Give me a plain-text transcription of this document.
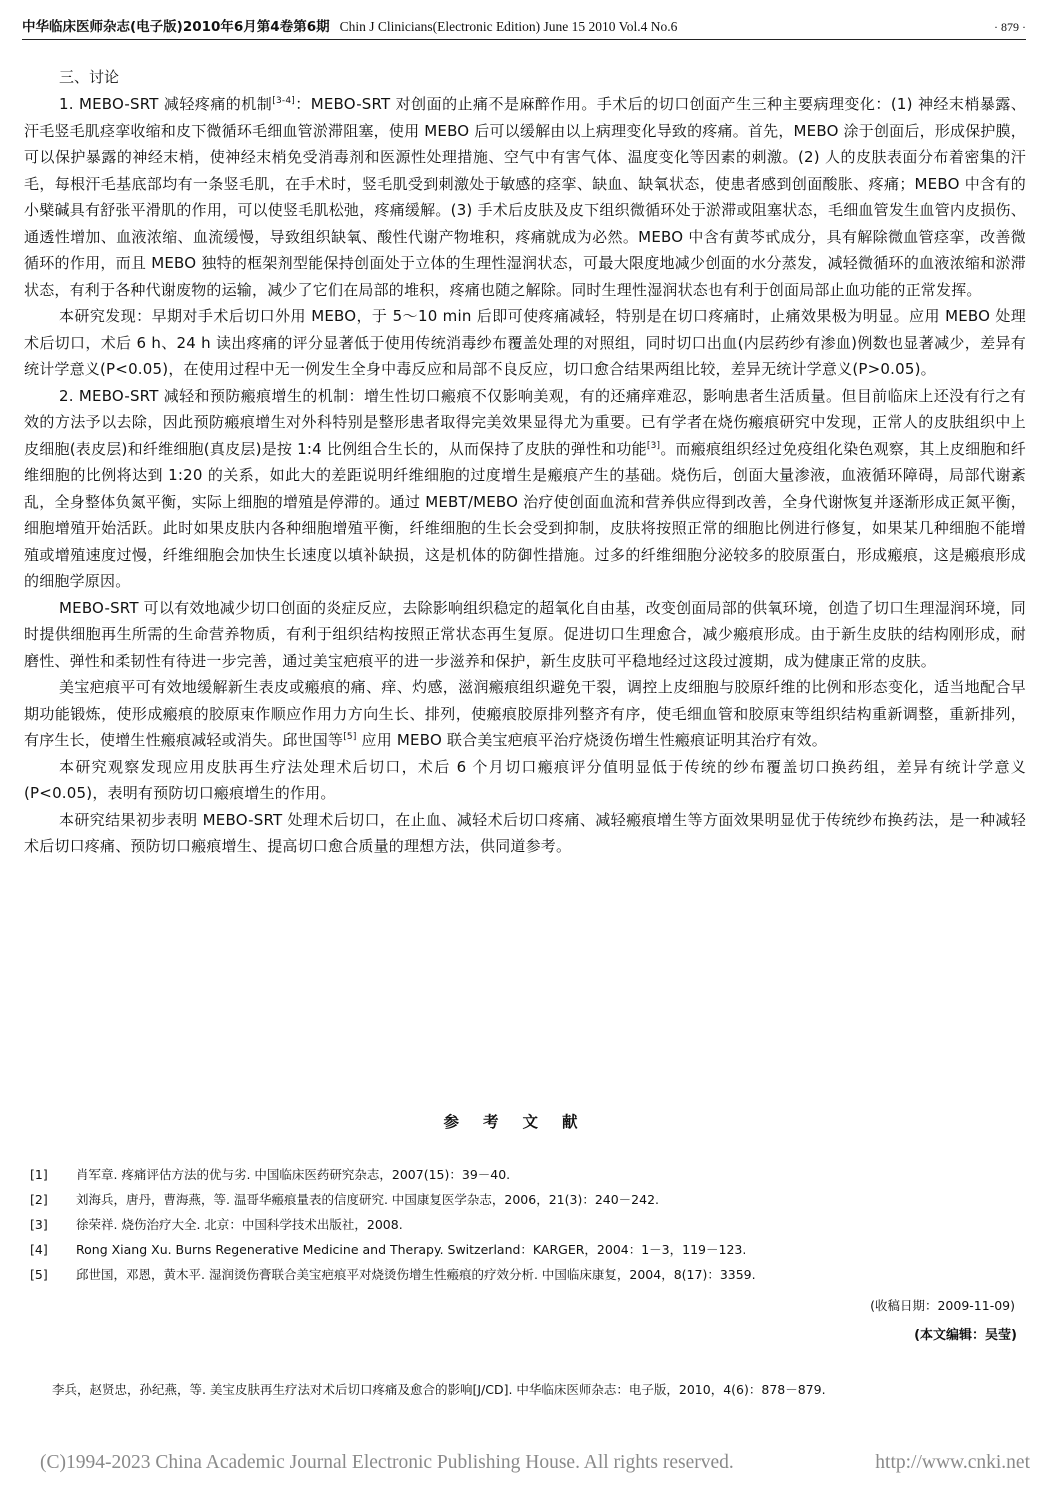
中华临床医师杂志(电子版)2010年6月第4卷第6期 Chin J Clinicians(Electronic Edition) June 15 2010 Vol.4 No.6	· 879 ·
三、讨论

1. MEBO-SRT 减轻疼痛的机制[3-4]：MEBO-SRT 对创面的止痛不是麻醉作用。手术后的切口创面产生三种主要病理变化：(1) 神经末梢暴露、汗毛竖毛肌痉挛收缩和皮下微循环毛细血管淤滞阻塞，使用 MEBO 后可以缓解由以上病理变化导致的疼痛。首先，MEBO 涂于创面后，形成保护膜，可以保护暴露的神经末梢，使神经末梢免受消毒剂和医源性处理措施、空气中有害气体、温度变化等因素的刺激。(2) 人的皮肤表面分布着密集的汗毛，每根汗毛基底部均有一条竖毛肌，在手术时，竖毛肌受到刺激处于敏感的痉挛、缺血、缺氧状态，使患者感到创面酸胀、疼痛；MEBO 中含有的小檗碱具有舒张平滑肌的作用，可以使竖毛肌松弛，疼痛缓解。(3) 手术后皮肤及皮下组织微循环处于淤滞或阻塞状态，毛细血管发生血管内皮损伤、通透性增加、血液浓缩、血流缓慢，导致组织缺氧、酸性代谢产物堆积，疼痛就成为必然。MEBO 中含有黄芩甙成分，具有解除微血管痉挛，改善微循环的作用，而且 MEBO 独特的框架剂型能保持创面处于立体的生理性湿润状态，可最大限度地减少创面的水分蒸发，减轻微循环的血液浓缩和淤滞状态，有利于各种代谢废物的运输，减少了它们在局部的堆积，疼痛也随之解除。同时生理性湿润状态也有利于创面局部止血功能的正常发挥。

本研究发现：早期对手术后切口外用 MEBO，于 5～10 min 后即可使疼痛减轻，特别是在切口疼痛时，止痛效果极为明显。应用 MEBO 处理术后切口，术后 6 h、24 h 读出疼痛的评分显著低于使用传统消毒纱布覆盖处理的对照组，同时切口出血(内层药纱有渗血)例数也显著减少，差异有统计学意义(P<0.05)，在使用过程中无一例发生全身中毒反应和局部不良反应，切口愈合结果两组比较，差异无统计学意义(P>0.05)。

2. MEBO-SRT 减轻和预防瘢痕增生的机制：增生性切口瘢痕不仅影响美观，有的还痛痒难忍，影响患者生活质量。但目前临床上还没有行之有效的方法予以去除，因此预防瘢痕增生对外科特别是整形患者取得完美效果显得尤为重要。已有学者在烧伤瘢痕研究中发现，正常人的皮肤组织中上皮细胞(表皮层)和纤维细胞(真皮层)是按 1:4 比例组合生长的，从而保持了皮肤的弹性和功能[3]。而瘢痕组织经过免疫组化染色观察，其上皮细胞和纤维细胞的比例将达到 1:20 的关系，如此大的差距说明纤维细胞的过度增生是瘢痕产生的基础。烧伤后，创面大量渗液，血液循环障碍，局部代谢紊乱，全身整体负氮平衡，实际上细胞的增殖是停滞的。通过 MEBT/MEBO 治疗使创面血流和营养供应得到改善，全身代谢恢复并逐渐形成正氮平衡，细胞增殖开始活跃。此时如果皮肤内各种细胞增殖平衡，纤维细胞的生长会受到抑制，皮肤将按照正常的细胞比例进行修复，如果某几种细胞不能增殖或增殖速度过慢，纤维细胞会加快生长速度以填补缺损，这是机体的防御性措施。过多的纤维细胞分泌较多的胶原蛋白，形成瘢痕，这是瘢痕形成的细胞学原因。

MEBO-SRT 可以有效地减少切口创面的炎症反应，去除影响组织稳定的超氧化自由基，改变创面局部的供氧环境，创造了切口生理湿润环境，同时提供细胞再生所需的生命营养物质，有利于组织结构按照正常状态再生复原。促进切口生理愈合，减少瘢痕形成。由于新生皮肤的结构刚形成，耐磨性、弹性和柔韧性有待进一步完善，通过美宝疤痕平的进一步滋养和保护，新生皮肤可平稳地经过这段过渡期，成为健康正常的皮肤。

美宝疤痕平可有效地缓解新生表皮或瘢痕的痛、痒、灼感，滋润瘢痕组织避免干裂，调控上皮细胞与胶原纤维的比例和形态变化，适当地配合早期功能锻炼，使形成瘢痕的胶原束作顺应作用力方向生长、排列，使瘢痕胶原排列整齐有序，使毛细血管和胶原束等组织结构重新调整，重新排列，有序生长，使增生性瘢痕减轻或消失。邱世国等[5] 应用 MEBO 联合美宝疤痕平治疗烧烫伤增生性瘢痕证明其治疗有效。

本研究观察发现应用皮肤再生疗法处理术后切口，术后 6 个月切口瘢痕评分值明显低于传统的纱布覆盖切口换药组，差异有统计学意义(P<0.05)，表明有预防切口瘢痕增生的作用。

本研究结果初步表明 MEBO-SRT 处理术后切口，在止血、减轻术后切口疼痛、减轻瘢痕增生等方面效果明显优于传统纱布换药法，是一种减轻术后切口疼痛、预防切口瘢痕增生、提高切口愈合质量的理想方法，供同道参考。

参考文献
[1]	肖军章. 疼痛评估方法的优与劣. 中国临床医药研究杂志，2007(15)：39－40.
[2]	刘海兵，唐丹，曹海燕，等. 温哥华瘢痕量表的信度研究. 中国康复医学杂志，2006，21(3)：240－242.
[3]	徐荣祥. 烧伤治疗大全. 北京：中国科学技术出版社，2008.
[4]	Rong Xiang Xu. Burns Regenerative Medicine and Therapy. Switzerland：KARGER，2004：1－3，119－123.
[5]	邱世国，邓恩，黄木平. 湿润烫伤膏联合美宝疤痕平对烧烫伤增生性瘢痕的疗效分析. 中国临床康复，2004，8(17)：3359.
(收稿日期：2009-11-09)
(本文编辑：吴莹)
李兵，赵贤忠，孙纪燕，等. 美宝皮肤再生疗法对术后切口疼痛及愈合的影响[J/CD]. 中华临床医师杂志：电子版，2010，4(6)：878－879.
(C)1994-2023 China Academic Journal Electronic Publishing House. All rights reserved.	http://www.cnki.net
